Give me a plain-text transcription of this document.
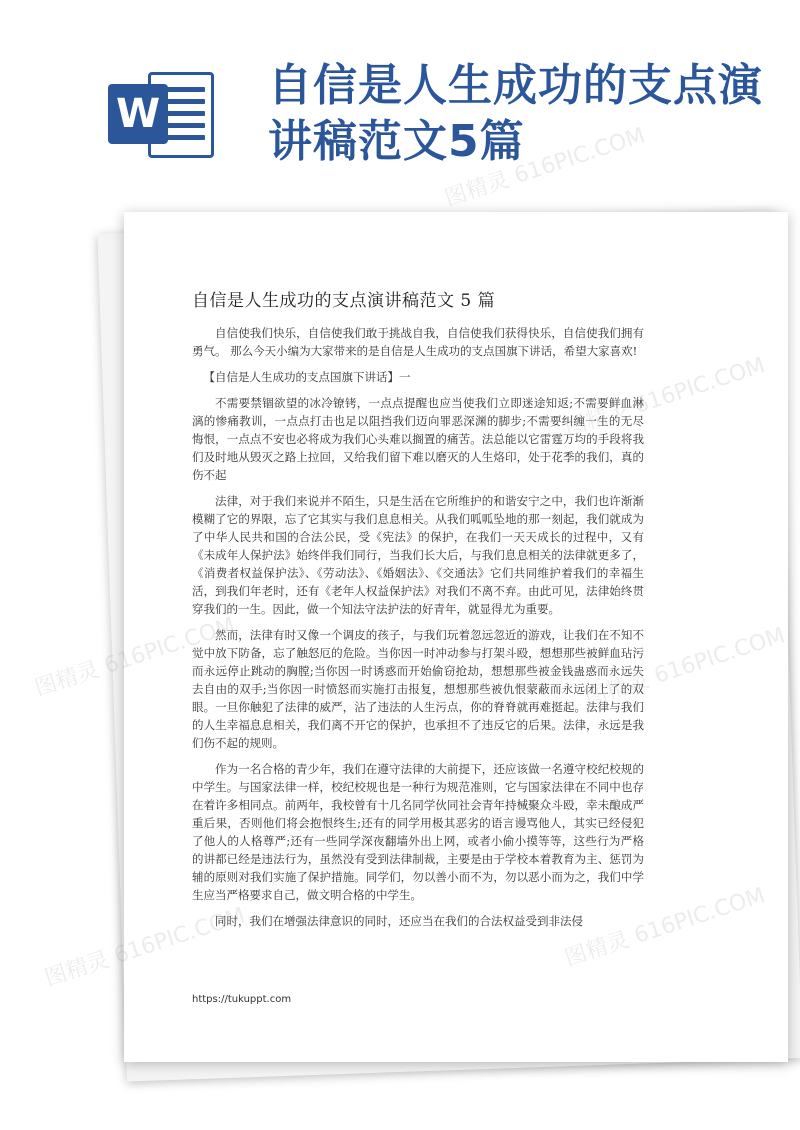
W
自信是人生成功的支点演讲稿范文5篇
自信是人生成功的支点演讲稿范文 5 篇

自信使我们快乐，自信使我们敢于挑战自我，自信使我们获得快乐，自信使我们拥有勇气。 那么今天小编为大家带来的是自信是人生成功的支点国旗下讲话，希望大家喜欢!

【自信是人生成功的支点国旗下讲话】一

不需要禁锢欲望的冰冷镣铐，一点点提醒也应当使我们立即迷途知返;不需要鲜血淋漓的惨痛教训，一点点打击也足以阻挡我们迈向罪恶深渊的脚步;不需要纠缠一生的无尽悔恨，一点点不安也必将成为我们心头难以搁置的痛苦。法总能以它雷霆万均的手段将我们及时地从毁灭之路上拉回，又给我们留下难以磨灭的人生烙印，处于花季的我们，真的伤不起

法律，对于我们来说并不陌生，只是生活在它所维护的和谐安宁之中，我们也许渐渐模糊了它的界限，忘了它其实与我们息息相关。从我们呱呱坠地的那一刻起，我们就成为了中华人民共和国的合法公民，受《宪法》的保护，在我们一天天成长的过程中，又有《未成年人保护法》始终伴我们同行，当我们长大后，与我们息息相关的法律就更多了，《消费者权益保护法》、《劳动法》、《婚姻法》、《交通法》它们共同维护着我们的幸福生活，到我们年老时，还有《老年人权益保护法》对我们不离不弃。由此可见，法律始终贯穿我们的一生。因此，做一个知法守法护法的好青年，就显得尤为重要。

然而，法律有时又像一个调皮的孩子，与我们玩着忽远忽近的游戏，让我们在不知不觉中放下防备，忘了触怒厄的危险。当你因一时冲动参与打架斗殴，想想那些被鲜血玷污而永远停止跳动的胸膛;当你因一时诱惑而开始偷窃抢劫，想想那些被金钱蛊惑而永远失去自由的双手;当你因一时愤怒而实施打击报复，想想那些被仇恨蒙蔽而永远闭上了的双眼。一旦你触犯了法律的威严，沾了违法的人生污点，你的脊脊就再难挺起。法律与我们的人生幸福息息相关，我们离不开它的保护，也承担不了违反它的后果。法律，永远是我们伤不起的规则。

作为一名合格的青少年，我们在遵守法律的大前提下，还应该做一名遵守校纪校规的中学生。与国家法律一样，校纪校规也是一种行为规范准则，它与国家法律在不同中也存在着许多相同点。前两年，我校曾有十几名同学伙同社会青年持械聚众斗殴，幸未酿成严重后果，否则他们将会抱恨终生;还有的同学用极其恶劣的语言谩骂他人，其实已经侵犯了他人的人格尊严;还有一些同学深夜翻墙外出上网，或者小偷小摸等等，这些行为严格的讲都已经是违法行为，虽然没有受到法律制裁，主要是由于学校本着教育为主、惩罚为辅的原则对我们实施了保护措施。同学们，勿以善小而不为，勿以恶小而为之，我们中学生应当严格要求自己，做文明合格的中学生。

同时，我们在增强法律意识的同时，还应当在我们的合法权益受到非法侵

https://tukuppt.com
图精灵 616PIC.COM
图精灵
图精灵
